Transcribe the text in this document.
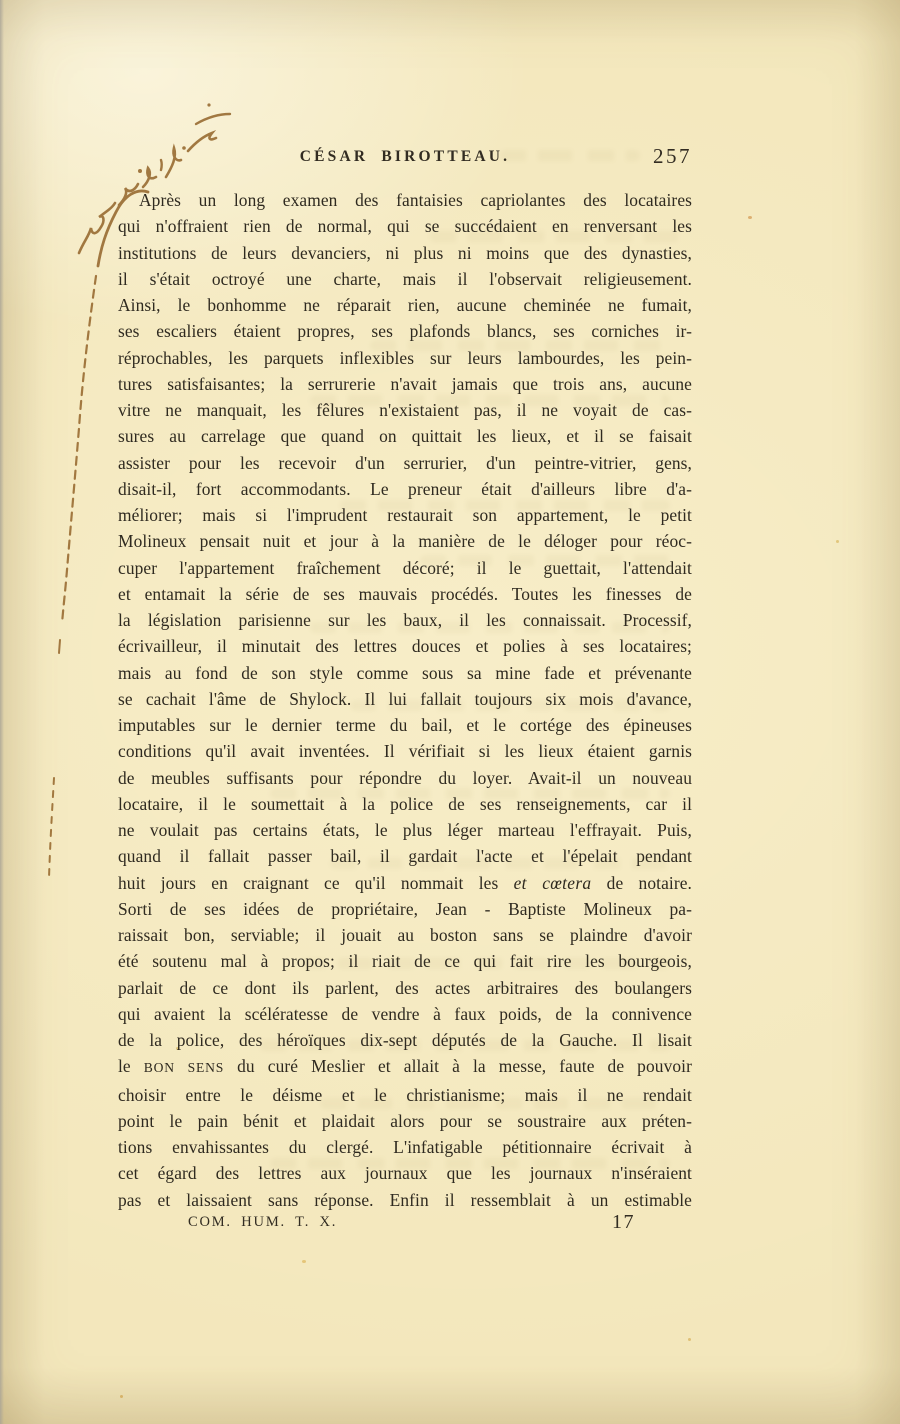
CÉSAR BIROTTEAU.	257
Après un long examen des fantaisies capriolantes des locataires
qui n'offraient rien de normal, qui se succédaient en renversant les
institutions de leurs devanciers, ni plus ni moins que des dynasties,
il s'était octroyé une charte, mais il l'observait religieusement.
Ainsi, le bonhomme ne réparait rien, aucune cheminée ne fumait,
ses escaliers étaient propres, ses plafonds blancs, ses corniches ir-
réprochables, les parquets inflexibles sur leurs lambourdes, les pein-
tures satisfaisantes; la serrurerie n'avait jamais que trois ans, aucune
vitre ne manquait, les fêlures n'existaient pas, il ne voyait de cas-
sures au carrelage que quand on quittait les lieux, et il se faisait
assister pour les recevoir d'un serrurier, d'un peintre-vitrier, gens,
disait-il, fort accommodants. Le preneur était d'ailleurs libre d'a-
méliorer; mais si l'imprudent restaurait son appartement, le petit
Molineux pensait nuit et jour à la manière de le déloger pour réoc-
cuper l'appartement fraîchement décoré; il le guettait, l'attendait
et entamait la série de ses mauvais procédés. Toutes les finesses de
la législation parisienne sur les baux, il les connaissait. Processif,
écrivailleur, il minutait des lettres douces et polies à ses locataires;
mais au fond de son style comme sous sa mine fade et prévenante
se cachait l'âme de Shylock. Il lui fallait toujours six mois d'avance,
imputables sur le dernier terme du bail, et le cortége des épineuses
conditions qu'il avait inventées. Il vérifiait si les lieux étaient garnis
de meubles suffisants pour répondre du loyer. Avait-il un nouveau
locataire, il le soumettait à la police de ses renseignements, car il
ne voulait pas certains états, le plus léger marteau l'effrayait. Puis,
quand il fallait passer bail, il gardait l'acte et l'épelait pendant
huit jours en craignant ce qu'il nommait les et cœtera de notaire.
Sorti de ses idées de propriétaire, Jean - Baptiste Molineux pa-
raissait bon, serviable; il jouait au boston sans se plaindre d'avoir
été soutenu mal à propos; il riait de ce qui fait rire les bourgeois,
parlait de ce dont ils parlent, des actes arbitraires des boulangers
qui avaient la scélératesse de vendre à faux poids, de la connivence
de la police, des héroïques dix-sept députés de la Gauche. Il lisait
le BON SENS du curé Meslier et allait à la messe, faute de pouvoir
choisir entre le déisme et le christianisme; mais il ne rendait
point le pain bénit et plaidait alors pour se soustraire aux préten-
tions envahissantes du clergé. L'infatigable pétitionnaire écrivait à
cet égard des lettres aux journaux que les journaux n'inséraient
pas et laissaient sans réponse. Enfin il ressemblait à un estimable
COM. HUM. T. X.	17
